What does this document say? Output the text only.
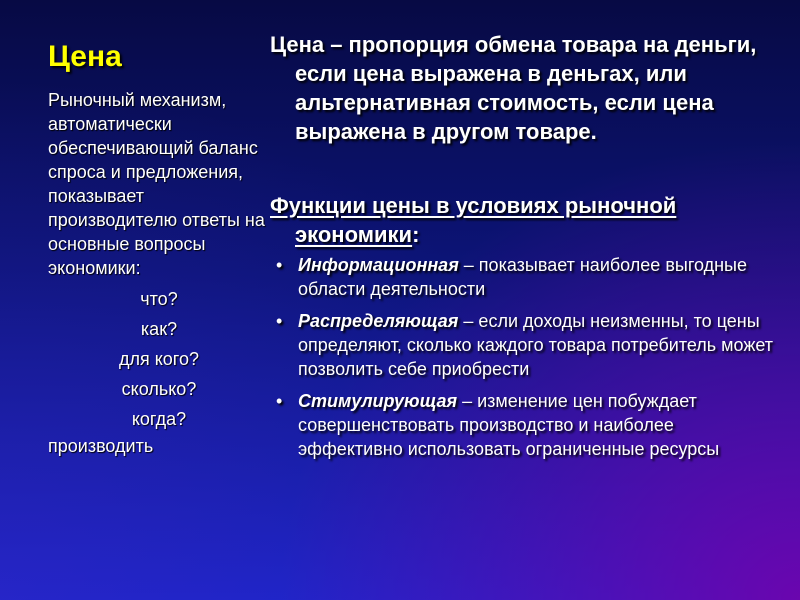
Цена

Рыночный механизм, автоматически обеспечивающий баланс спроса и предложения, показывает производителю ответы на основные вопросы экономики:

что?
как?
для кого?
сколько?
когда?

производить

Цена – пропорция обмена товара на деньги, если цена выражена в деньгах, или альтернативная стоимость, если цена выражена в другом товаре.

Функции цены в условиях рыночной экономики:

• Информационная – показывает наиболее выгодные области деятельности
• Распределяющая – если доходы неизменны, то цены определяют, сколько каждого товара потребитель может позволить себе приобрести
• Стимулирующая – изменение цен побуждает совершенствовать производство и наиболее эффективно использовать ограниченные ресурсы
